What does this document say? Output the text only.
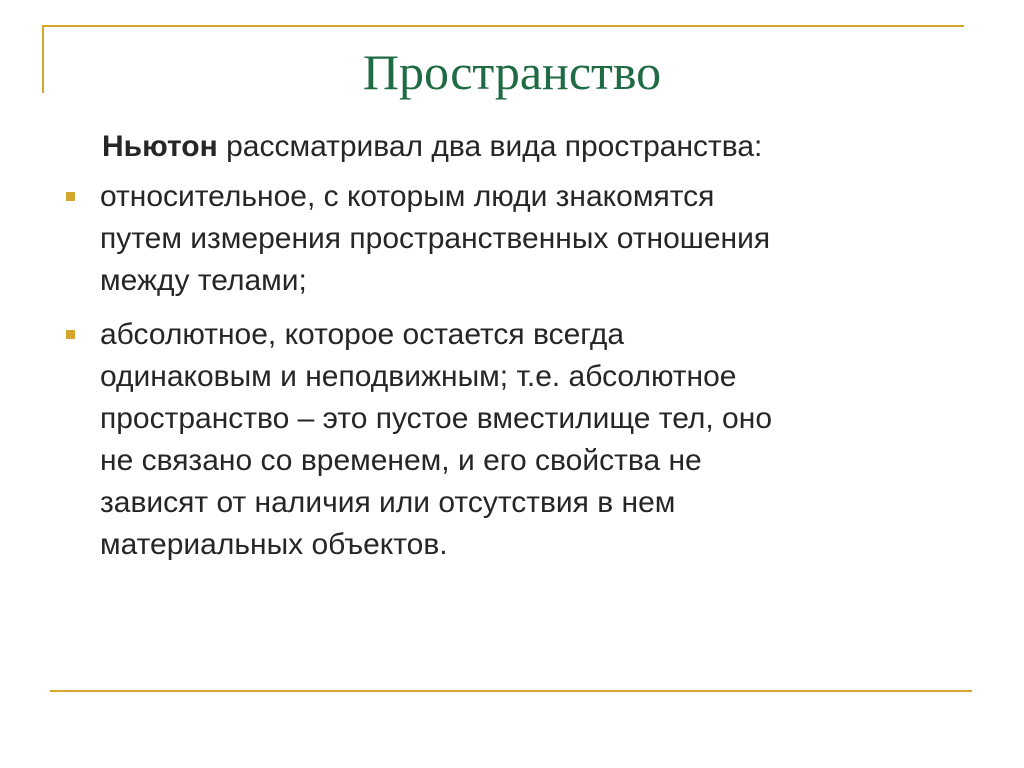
Пространство
Ньютон рассматривал два вида пространства:
относительное, с которым люди знакомятся
путем измерения пространственных отношения
между телами;
абсолютное, которое остается всегда
одинаковым и неподвижным; т.е. абсолютное
пространство – это пустое вместилище тел, оно
не связано со временем, и его свойства не
зависят от наличия или отсутствия в нем
материальных объектов.
